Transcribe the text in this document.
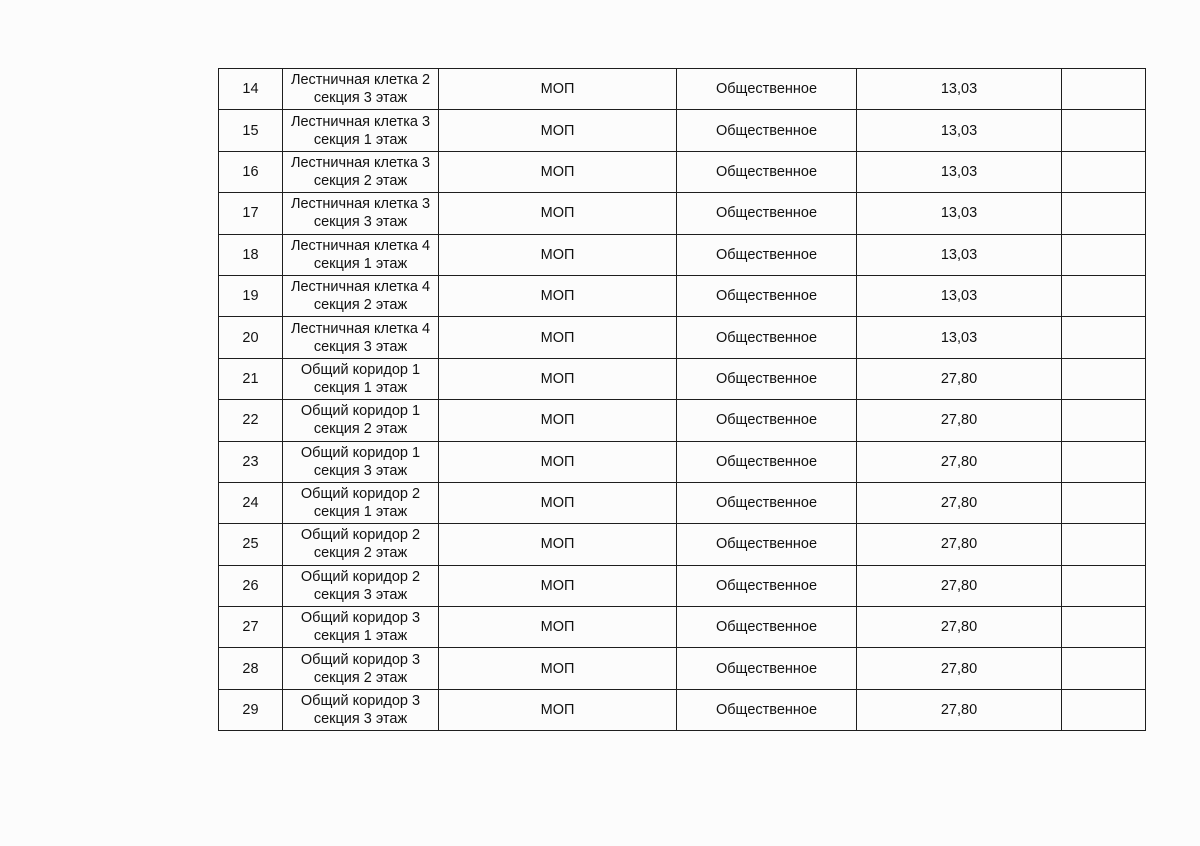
14	Лестничная клетка 2
секция 3 этаж	МОП	Общественное	13,03	
15	Лестничная клетка 3
секция 1 этаж	МОП	Общественное	13,03	
16	Лестничная клетка 3
секция 2 этаж	МОП	Общественное	13,03	
17	Лестничная клетка 3
секция 3 этаж	МОП	Общественное	13,03	
18	Лестничная клетка 4
секция 1 этаж	МОП	Общественное	13,03	
19	Лестничная клетка 4
секция 2 этаж	МОП	Общественное	13,03	
20	Лестничная клетка 4
секция 3 этаж	МОП	Общественное	13,03	
21	Общий коридор 1
секция 1 этаж	МОП	Общественное	27,80	
22	Общий коридор 1
секция 2 этаж	МОП	Общественное	27,80	
23	Общий коридор 1
секция 3 этаж	МОП	Общественное	27,80	
24	Общий коридор 2
секция 1 этаж	МОП	Общественное	27,80	
25	Общий коридор 2
секция 2 этаж	МОП	Общественное	27,80	
26	Общий коридор 2
секция 3 этаж	МОП	Общественное	27,80	
27	Общий коридор 3
секция 1 этаж	МОП	Общественное	27,80	
28	Общий коридор 3
секция 2 этаж	МОП	Общественное	27,80	
29	Общий коридор 3
секция 3 этаж	МОП	Общественное	27,80	
